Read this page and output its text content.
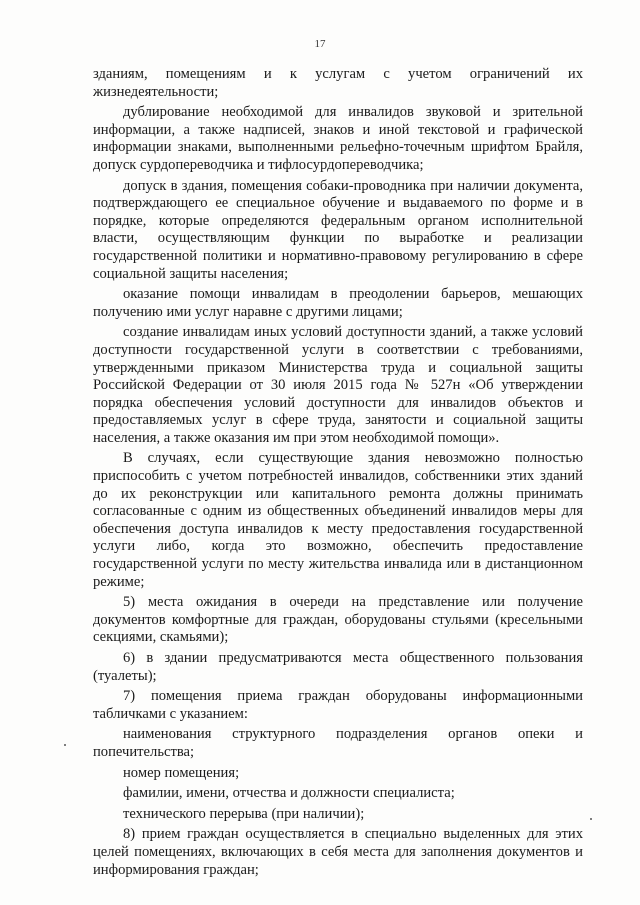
17

зданиям, помещениям и к услугам с учетом ограничений их жизнедеятельности;

дублирование необходимой для инвалидов звуковой и зрительной информации, а также надписей, знаков и иной текстовой и графической информации знаками, выполненными рельефно-точечным шрифтом Брайля, допуск сурдопереводчика и тифлосурдопереводчика;

допуск в здания, помещения собаки-проводника при наличии документа, подтверждающего ее специальное обучение и выдаваемого по форме и в порядке, которые определяются федеральным органом исполнительной власти, осуществляющим функции по выработке и реализации государственной политики и нормативно-правовому регулированию в сфере социальной защиты населения;

оказание помощи инвалидам в преодолении барьеров, мешающих получению ими услуг наравне с другими лицами;

создание инвалидам иных условий доступности зданий, а также условий доступности государственной услуги в соответствии с требованиями, утвержденными приказом Министерства труда и социальной защиты Российской Федерации от 30 июля 2015 года № 527н «Об утверждении порядка обеспечения условий доступности для инвалидов объектов и предоставляемых услуг в сфере труда, занятости и социальной защиты населения, а также оказания им при этом необходимой помощи».

В случаях, если существующие здания невозможно полностью приспособить с учетом потребностей инвалидов, собственники этих зданий до их реконструкции или капитального ремонта должны принимать согласованные с одним из общественных объединений инвалидов меры для обеспечения доступа инвалидов к месту предоставления государственной услуги либо, когда это возможно, обеспечить предоставление государственной услуги по месту жительства инвалида или в дистанционном режиме;

5) места ожидания в очереди на представление или получение документов комфортные для граждан, оборудованы стульями (кресельными секциями, скамьями);

6) в здании предусматриваются места общественного пользования (туалеты);

7) помещения приема граждан оборудованы информационными табличками с указанием:

наименования структурного подразделения органов опеки и попечительства;

номер помещения;

фамилии, имени, отчества и должности специалиста;

технического перерыва (при наличии);

8) прием граждан осуществляется в специально выделенных для этих целей помещениях, включающих в себя места для заполнения документов и информирования граждан;
